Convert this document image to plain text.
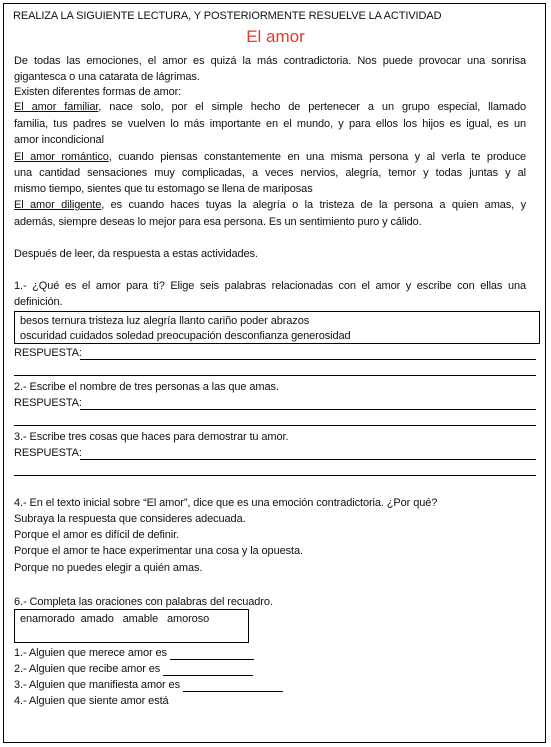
REALIZA LA SIGUIENTE LECTURA, Y POSTERIORMENTE RESUELVE LA ACTIVIDAD
El amor
De todas las emociones, el amor es quizá la más contradictoria. Nos puede provocar una sonrisa
gigantesca o una catarata de lágrimas.
Existen diferentes formas de amor:
El amor familiar, nace solo, por el simple hecho de pertenecer a un grupo especial, llamado
familia, tus padres se vuelven lo más importante en el mundo, y para ellos los hijos es igual, es un
amor incondicional
El amor romántico, cuando piensas constantemente en una misma persona y al verla te produce
una cantidad sensaciones muy complicadas, a veces nervios, alegría, temor y todas juntas y al
mismo tiempo, sientes que tu estomago se llena de mariposas
El amor diligente, es cuando haces tuyas la alegría o la tristeza de la persona a quien amas, y
además, siempre deseas lo mejor para esa persona. Es un sentimiento puro y cálido.
Después de leer, da respuesta a estas actividades.
1.- ¿Qué es el amor para ti? Elige seis palabras relacionadas con el amor y escribe con ellas una
definición.
besos ternura tristeza luz alegría llanto cariño poder abrazos
oscuridad cuidados soledad preocupación desconfianza generosidad
RESPUESTA:
2.- Escribe el nombre de tres personas a las que amas.
RESPUESTA:
3.- Escribe tres cosas que haces para demostrar tu amor.
RESPUESTA:
4.- En el texto inicial sobre “El amor”, dice que es una emoción contradictoria. ¿Por qué?
Subraya la respuesta que consideres adecuada.
Porque el amor es difícil de definir.
Porque el amor te hace experimentar una cosa y la opuesta.
Porque no puedes elegir a quién amas.
6.- Completa las oraciones con palabras del recuadro.
enamorado  amado   amable   amoroso
1.- Alguien que merece amor es
2.- Alguien que recibe amor es
3.- Alguien que manifiesta amor es
4.- Alguien que siente amor está
